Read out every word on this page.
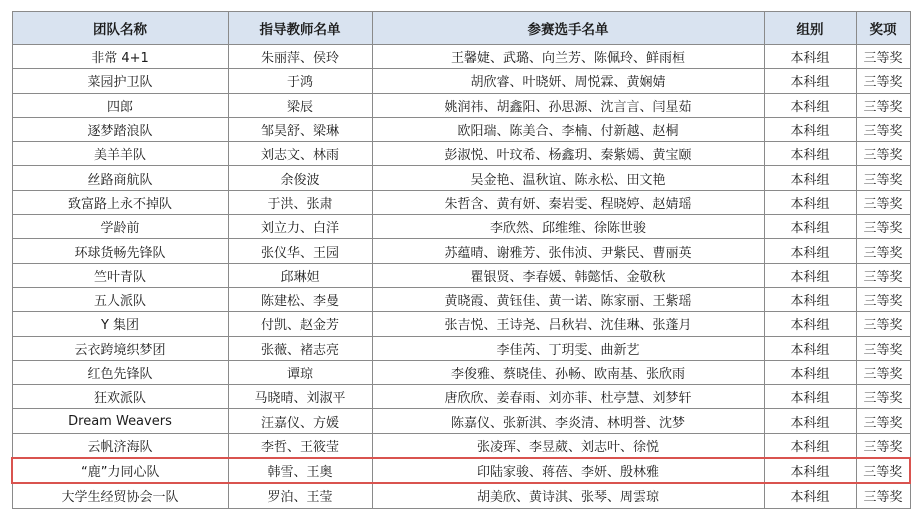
团队名称	指导教师名单	参赛选手名单	组别	奖项
非常 4+1	朱丽萍、侯玲	王馨婕、武璐、向兰芳、陈佩玲、鲜雨桓	本科组	三等奖
菜园护卫队	于鸿	胡欣睿、叶晓妍、周悦霖、黄娴婧	本科组	三等奖
四郎	梁辰	姚润祎、胡鑫阳、孙思源、沈言言、闫星茹	本科组	三等奖
逐梦踏浪队	邹昊舒、梁琳	欧阳瑞、陈美合、李楠、付新越、赵桐	本科组	三等奖
美羊羊队	刘志文、林雨	彭淑悦、叶玟希、杨鑫玥、秦紫嫣、黄宝颐	本科组	三等奖
丝路商航队	余俊波	吴金艳、温秋谊、陈永松、田文艳	本科组	三等奖
致富路上永不掉队	于洪、张肃	朱哲含、黄有妍、秦岩雯、程晓婷、赵婧瑶	本科组	三等奖
学龄前	刘立力、白洋	李欣然、邱维维、徐陈世骏	本科组	三等奖
环球货畅先锋队	张仪华、王园	苏蕴晴、谢雅芳、张伟浈、尹紫民、曹丽英	本科组	三等奖
竺叶青队	邱琳妲	瞿银贤、李春媛、韩懿恬、金敬秋	本科组	三等奖
五人派队	陈建松、李曼	黄晓霞、黄钰佳、黄一诺、陈家丽、王紫瑶	本科组	三等奖
Y 集团	付凯、赵金芳	张吉悦、王诗尧、吕秋岩、沈佳琳、张蓬月	本科组	三等奖
云衣跨境织梦团	张薇、褚志亮	李佳芮、丁玥雯、曲新艺	本科组	三等奖
红色先锋队	谭琼	李俊雅、蔡晓佳、孙畅、欧南基、张欣雨	本科组	三等奖
狂欢派队	马晓晴、刘淑平	唐欣欣、姜春雨、刘亦菲、杜亭慧、刘梦轩	本科组	三等奖
Dream Weavers	汪嘉仪、方媛	陈嘉仪、张新淇、李炎清、林明誉、沈梦	本科组	三等奖
云帆济海队	李哲、王筱莹	张凌珲、李昱葳、刘志叶、徐悦	本科组	三等奖
“鹿”力同心队	韩雪、王奥	印陆家骏、蒋蓓、李妍、殷林雅	本科组	三等奖
大学生经贸协会一队	罗泊、王莹	胡美欣、黄诗淇、张琴、周雲琼	本科组	三等奖
